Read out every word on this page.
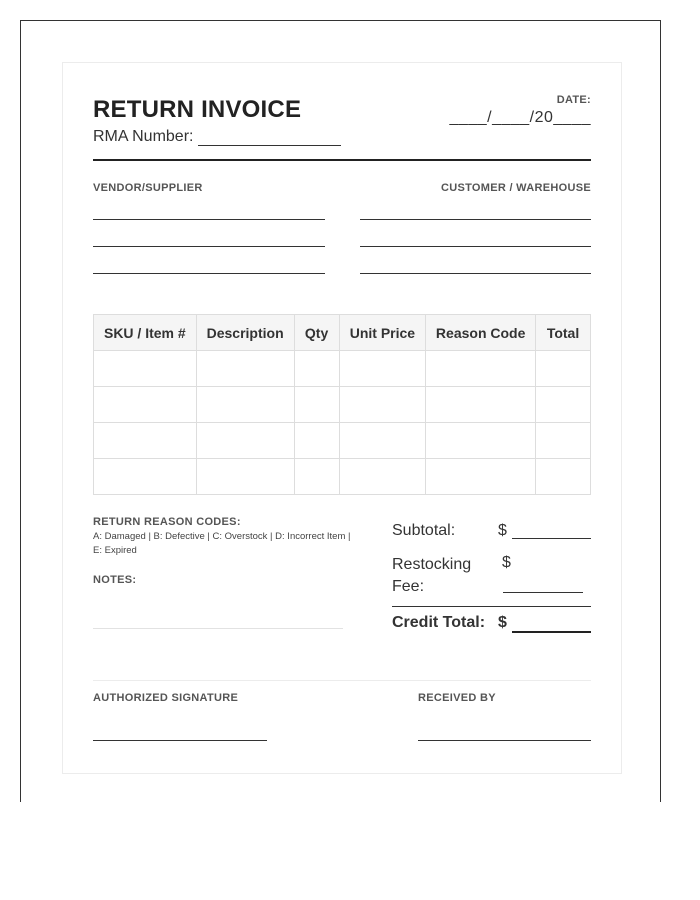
RETURN INVOICE
RMA Number:
DATE:
____/____/20____
VENDOR/SUPPLIER	CUSTOMER / WAREHOUSE
SKU / Item #	Description	Qty	Unit Price	Reason Code	Total

RETURN REASON CODES:
A: Damaged | B: Defective | C: Overstock | D: Incorrect Item | E: Expired
NOTES:
Subtotal:	$
Restocking Fee:
$
Credit Total: $
AUTHORIZED SIGNATURE	RECEIVED BY
